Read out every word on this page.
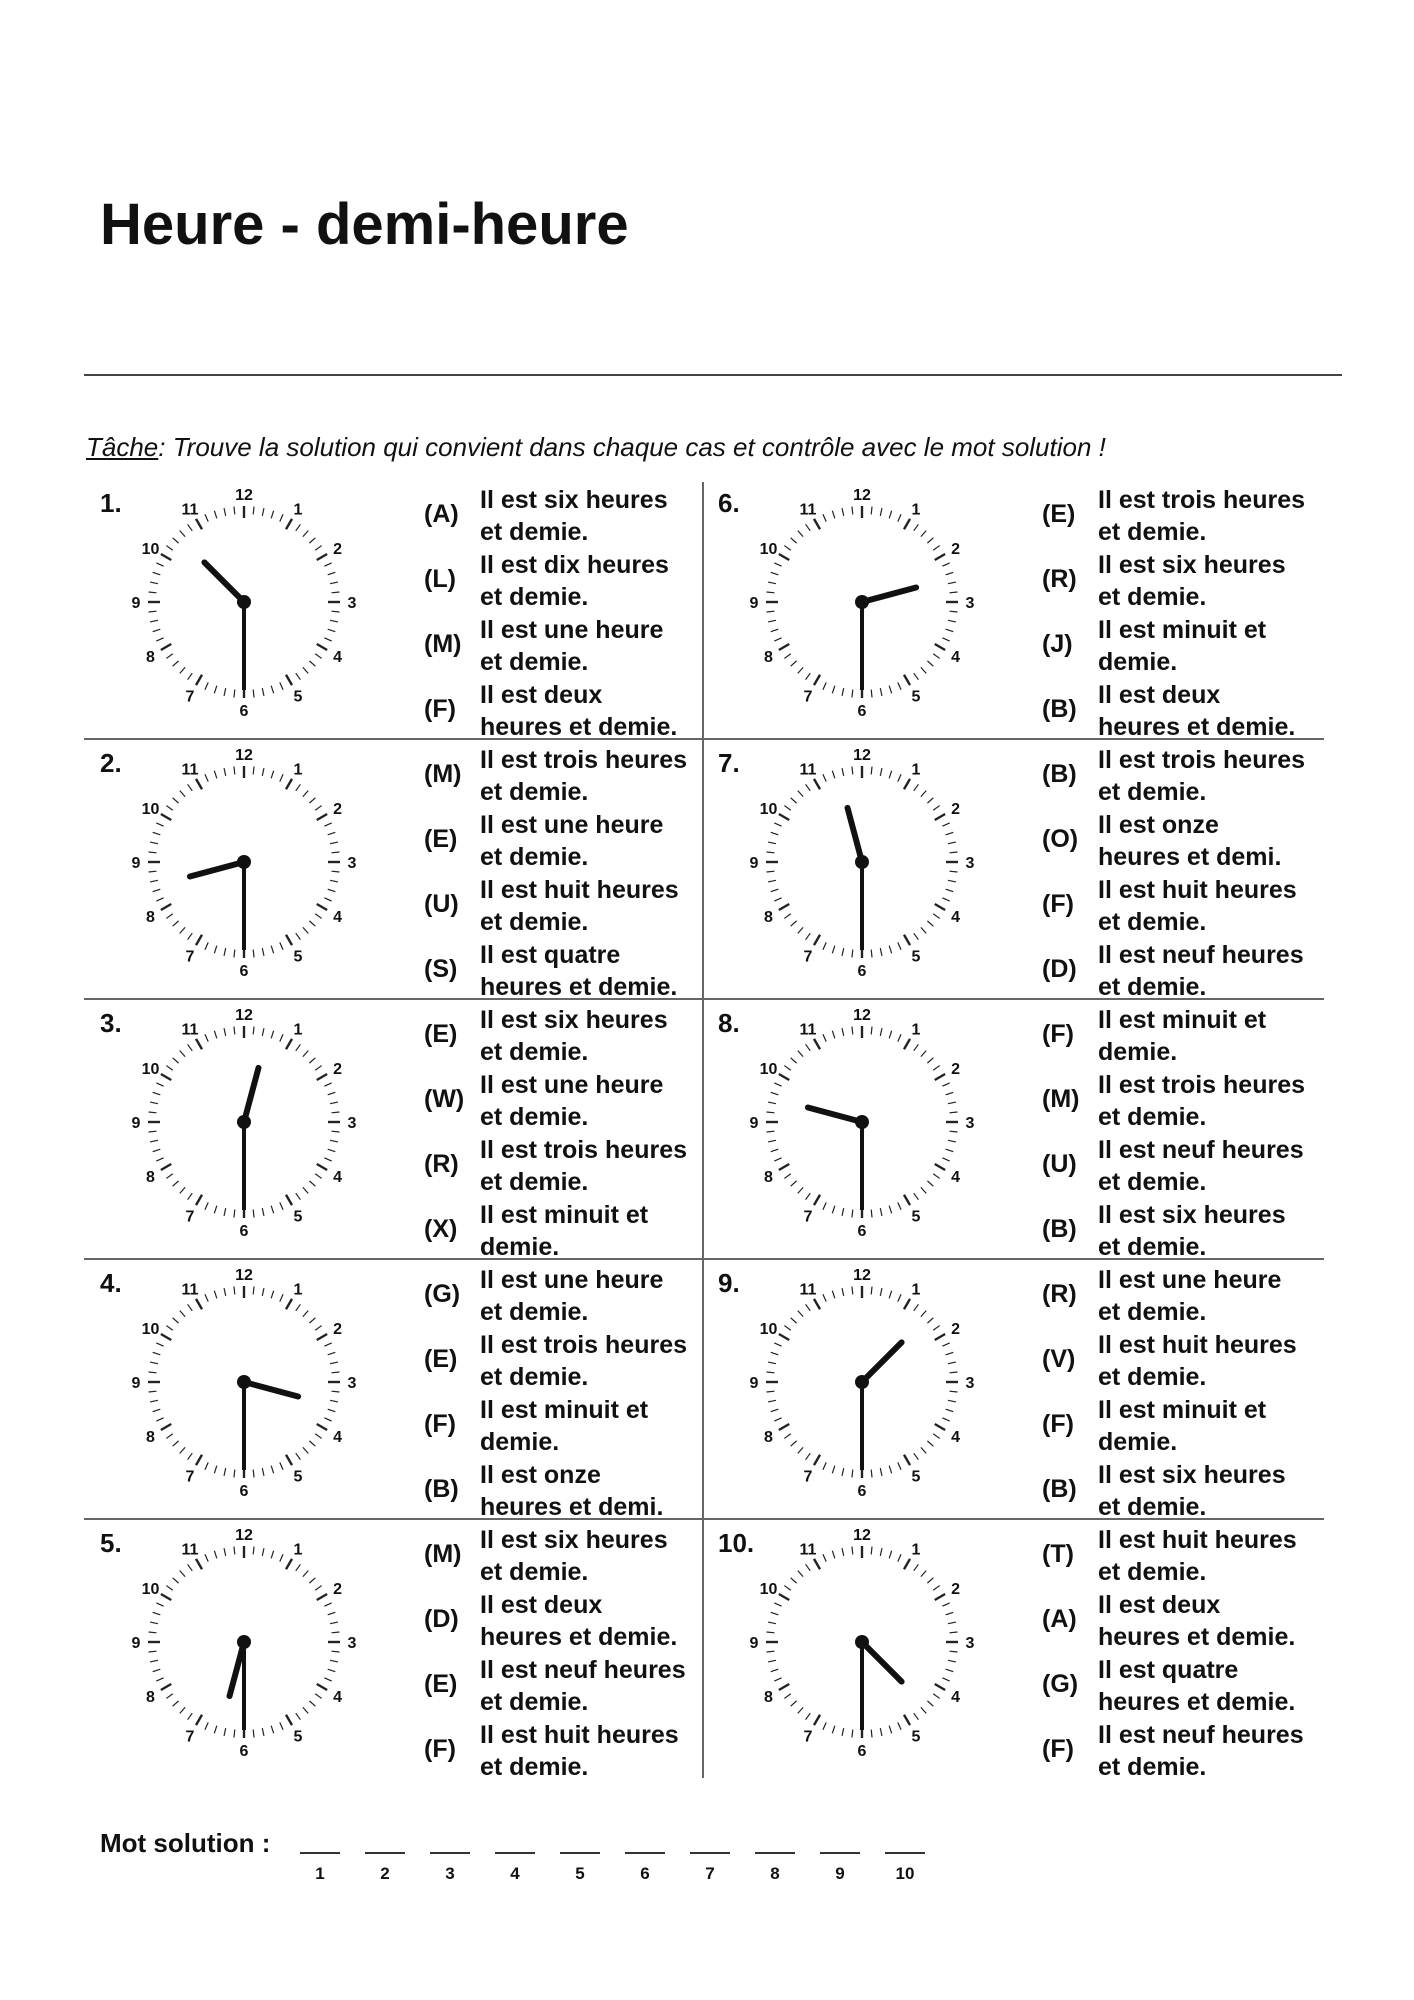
Heure - demi-heure
Tâche: Trouve la solution qui convient dans chaque cas et contrôle avec le mot solution !
1.	12
1
2
3
4
5
6
7
8
9
10
11	(A) Il est six heures
et demie.
(L) Il est dix heures
et demie.
(M) Il est une heure
et demie.
(F) Il est deux
heures et demie.
2.	12
1
2
3
4
5
6
7
8
9
10
11	(M) Il est trois heures
et demie.
(E) Il est une heure
et demie.
(U) Il est huit heures
et demie.
(S) Il est quatre
heures et demie.
3.	12
1
2
3
4
5
6
7
8
9
10
11	(E) Il est six heures
et demie.
(W) Il est une heure
et demie.
(R) Il est trois heures
et demie.
(X) Il est minuit et
demie.
4.	12
1
2
3
4
5
6
7
8
9
10
11	(G) Il est une heure
et demie.
(E) Il est trois heures
et demie.
(F) Il est minuit et
demie.
(B) Il est onze
heures et demi.
5.	12
1
2
3
4
5
6
7
8
9
10
11	(M) Il est six heures
et demie.
(D) Il est deux
heures et demie.
(E) Il est neuf heures
et demie.
(F) Il est huit heures
et demie.
6.	12
1
2
3
4
5
6
7
8
9
10
11	(E) Il est trois heures
et demie.
(R) Il est six heures
et demie.
(J) Il est minuit et
demie.
(B) Il est deux
heures et demie.
7.	12
1
2
3
4
5
6
7
8
9
10
11	(B) Il est trois heures
et demie.
(O) Il est onze
heures et demi.
(F) Il est huit heures
et demie.
(D) Il est neuf heures
et demie.
8.	12
1
2
3
4
5
6
7
8
9
10
11	(F) Il est minuit et
demie.
(M) Il est trois heures
et demie.
(U) Il est neuf heures
et demie.
(B) Il est six heures
et demie.
9.	12
1
2
3
4
5
6
7
8
9
10
11	(R) Il est une heure
et demie.
(V) Il est huit heures
et demie.
(F) Il est minuit et
demie.
(B) Il est six heures
et demie.
10.	12
1
2
3
4
5
6
7
8
9
10
11	(T) Il est huit heures
et demie.
(A) Il est deux
heures et demie.
(G) Il est quatre
heures et demie.
(F) Il est neuf heures
et demie.
Mot solution :
1	2	3	4	5	6	7	8	9	10
